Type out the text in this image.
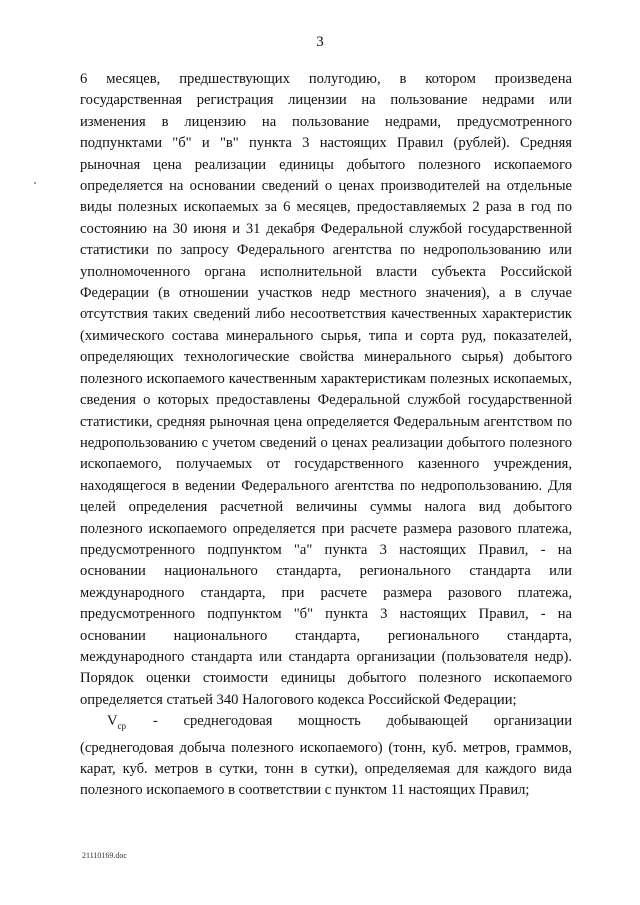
3

6 месяцев, предшествующих полугодию, в котором произведена государственная регистрация лицензии на пользование недрами или изменения в лицензию на пользование недрами, предусмотренного подпунктами "б" и "в" пункта 3 настоящих Правил (рублей). Средняя рыночная цена реализации единицы добытого полезного ископаемого определяется на основании сведений о ценах производителей на отдельные виды полезных ископаемых за 6 месяцев, предоставляемых 2 раза в год по состоянию на 30 июня и 31 декабря Федеральной службой государственной статистики по запросу Федерального агентства по недропользованию или уполномоченного органа исполнительной власти субъекта Российской Федерации (в отношении участков недр местного значения), а в случае отсутствия таких сведений либо несоответствия качественных характеристик (химического состава минерального сырья, типа и сорта руд, показателей, определяющих технологические свойства минерального сырья) добытого полезного ископаемого качественным характеристикам полезных ископаемых, сведения о которых предоставлены Федеральной службой государственной статистики, средняя рыночная цена определяется Федеральным агентством по недропользованию с учетом сведений о ценах реализации добытого полезного ископаемого, получаемых от государственного казенного учреждения, находящегося в ведении Федерального агентства по недропользованию. Для целей определения расчетной величины суммы налога вид добытого полезного ископаемого определяется при расчете размера разового платежа, предусмотренного подпунктом "а" пункта 3 настоящих Правил, - на основании национального стандарта, регионального стандарта или международного стандарта, при расчете размера разового платежа, предусмотренного подпунктом "б" пункта 3 настоящих Правил, - на основании национального стандарта, регионального стандарта, международного стандарта или стандарта организации (пользователя недр). Порядок оценки стоимости единицы добытого полезного ископаемого определяется статьей 340 Налогового кодекса Российской Федерации;

$V_{ср}$ - среднегодовая мощность добывающей организации (среднегодовая добыча полезного ископаемого) (тонн, куб. метров, граммов, карат, куб. метров в сутки, тонн в сутки), определяемая для каждого вида полезного ископаемого в соответствии с пунктом 11 настоящих Правил;

21110169.doc
